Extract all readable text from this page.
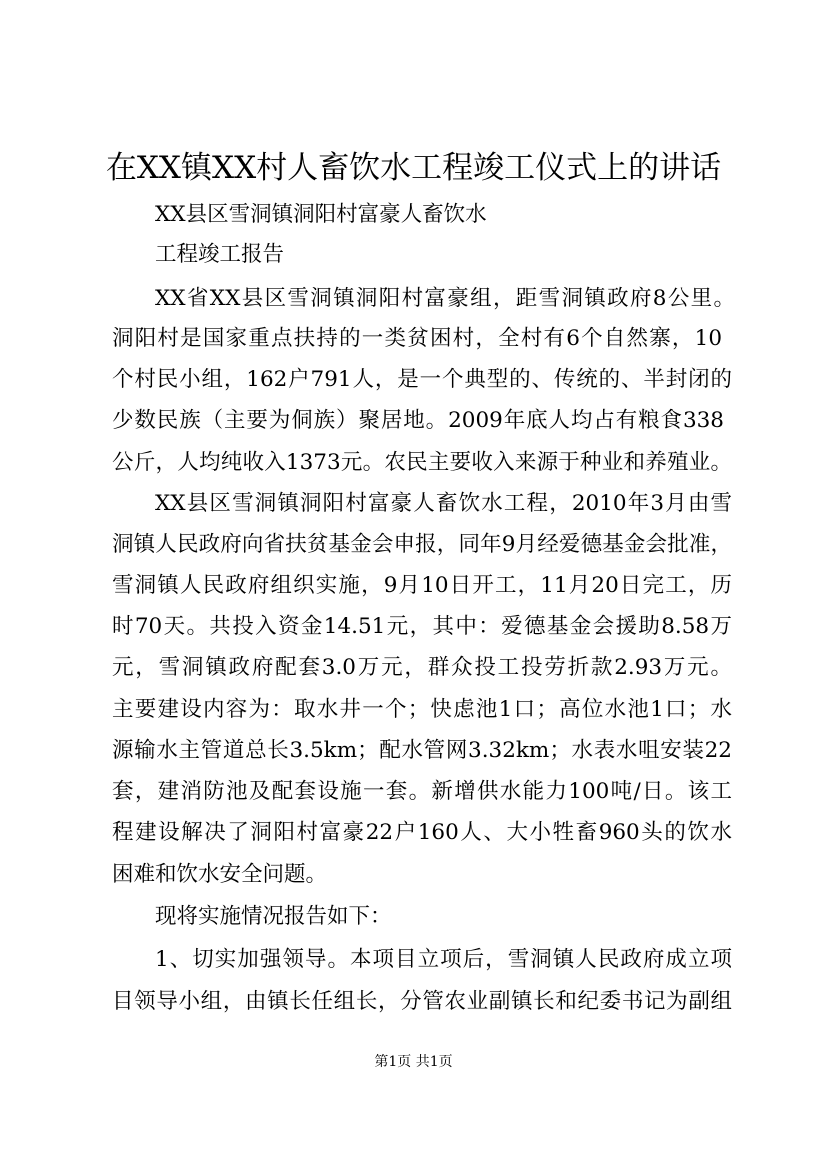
在XX镇XX村人畜饮水工程竣工仪式上的讲话
XX县区雪洞镇洞阳村富豪人畜饮水
工程竣工报告
XX省XX县区雪洞镇洞阳村富豪组，距雪洞镇政府8公里。
洞阳村是国家重点扶持的一类贫困村，全村有6个自然寨，10
个村民小组，162户791人，是一个典型的、传统的、半封闭的
少数民族（主要为侗族）聚居地。2009年底人均占有粮食338
公斤，人均纯收入1373元。农民主要收入来源于种业和养殖业。
XX县区雪洞镇洞阳村富豪人畜饮水工程，2010年3月由雪
洞镇人民政府向省扶贫基金会申报，同年9月经爱德基金会批准，
雪洞镇人民政府组织实施，9月10日开工，11月20日完工，历
时70天。共投入资金14.51元，其中：爱德基金会援助8.58万
元，雪洞镇政府配套3.0万元，群众投工投劳折款2.93万元。
主要建设内容为：取水井一个；快虑池1口；高位水池1口；水
源输水主管道总长3.5km；配水管网3.32km；水表水咀安装22
套，建消防池及配套设施一套。新增供水能力100吨/日。该工
程建设解决了洞阳村富豪22户160人、大小牲畜960头的饮水
困难和饮水安全问题。
现将实施情况报告如下：
1、切实加强领导。本项目立项后，雪洞镇人民政府成立项
目领导小组，由镇长任组长，分管农业副镇长和纪委书记为副组
第1页 共1页
